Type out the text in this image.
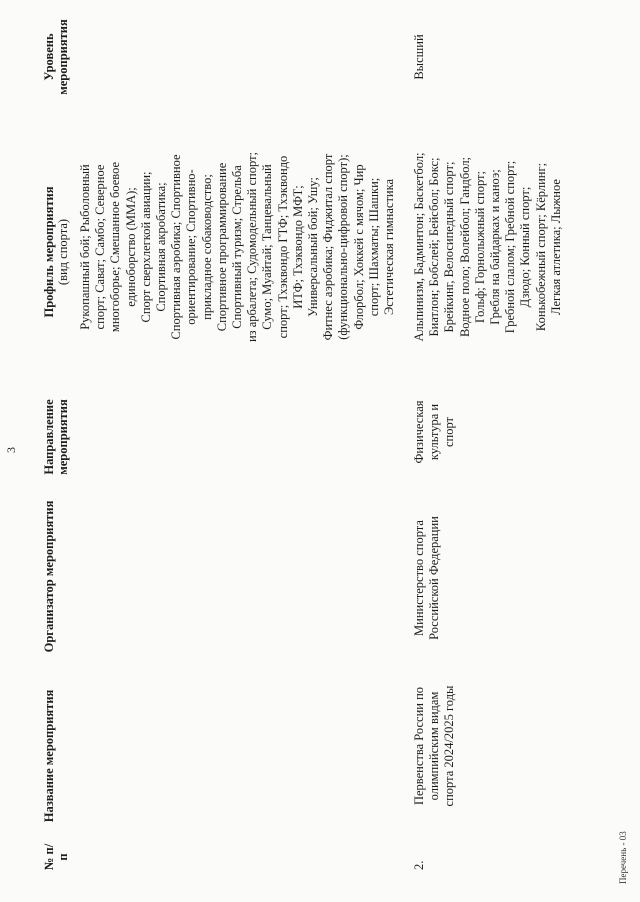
3
№ п/п
Название мероприятия
Организатор мероприятия
Направление мероприятия
Профиль мероприятия (вид спорта)
Уровень мероприятия
Рукопашный бой; Рыболовный спорт; Сават; Самбо; Северное многоборье; Смешанное боевое единоборство (ММА); Спорт сверхлегкой авиации; Спортивная акробатика; Спортивная аэробика; Спортивное ориентирование; Спортивно- прикладное собаководство; Спортивное программирование Спортивный туризм; Стрельба из арбалета; Судомодельный спорт; Сумо; Муайтай; Танцевальный спорт; Тхэквондо ГТФ; Тхэквондо ИТФ; Тхэквондо МФТ; Универсальный бой; Ушу; Фитнес аэробика; Фиджитал спорт (функционально-цифровой спорт); Флорбол; Хоккей с мячом; Чир спорт; Шахматы; Шашки; Эстетическая гимнастика
2.
Первенства России по олимпийским видам спорта 2024/2025 годы
Министерство спорта Российской Федерации
Физическая культура и спорт
Альпинизм, Бадминтон; Баскетбол; Биатлон; Бобслей; Бейсбол; Бокс; Брейкинг, Велосипедный спорт; Водное поло; Волейбол; Гандбол; Гольф; Горнолыжный спорт; Гребля на байдарках и каноэ; Гребной слалом; Гребной спорт; Дзюдо; Конный спорт; Конькобежный спорт; Кёрлинг; Легкая атлетика; Лыжное
Высший
Перечень - 03
